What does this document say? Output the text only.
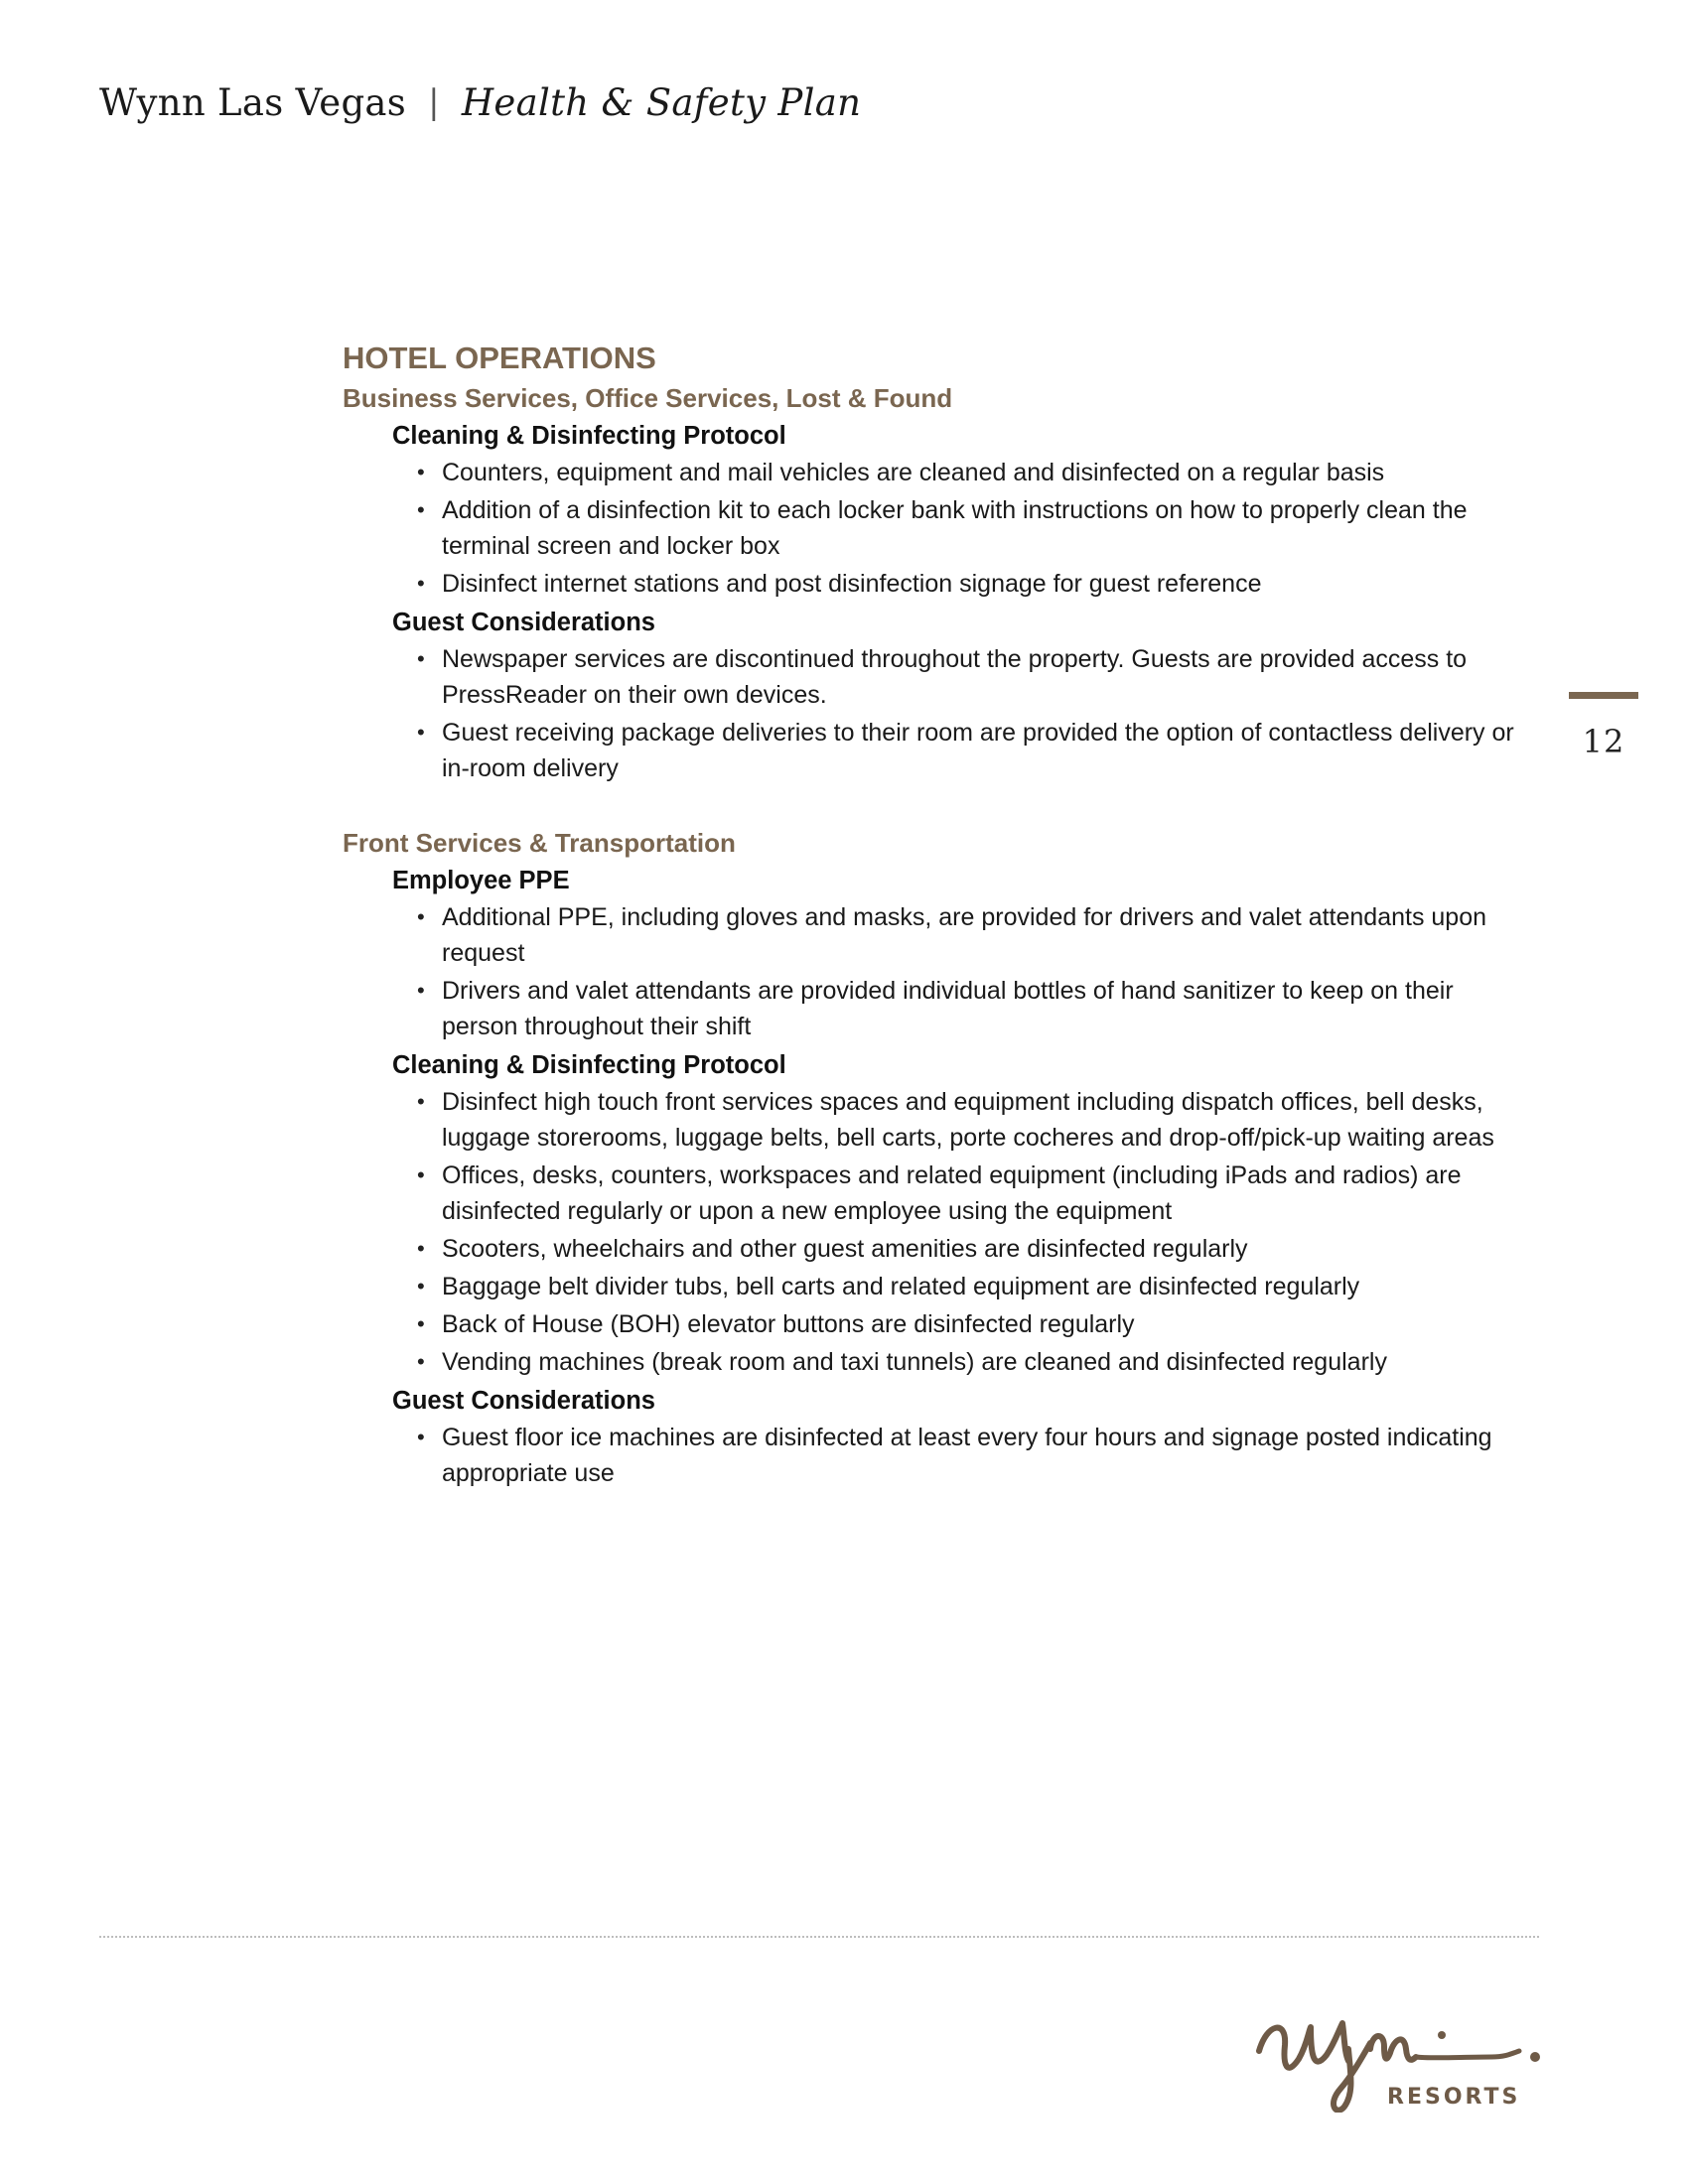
Wynn Las Vegas | Health & Safety Plan
12
HOTEL OPERATIONS
Business Services, Office Services, Lost & Found
Cleaning & Disinfecting Protocol
• Counters, equipment and mail vehicles are cleaned and disinfected on a regular basis
• Addition of a disinfection kit to each locker bank with instructions on how to properly clean the terminal screen and locker box
• Disinfect internet stations and post disinfection signage for guest reference
Guest Considerations
• Newspaper services are discontinued throughout the property. Guests are provided access to PressReader on their own devices.
• Guest receiving package deliveries to their room are provided the option of contactless delivery or in-room delivery
Front Services & Transportation
Employee PPE
• Additional PPE, including gloves and masks, are provided for drivers and valet attendants upon request
• Drivers and valet attendants are provided individual bottles of hand sanitizer to keep on their person throughout their shift
Cleaning & Disinfecting Protocol
• Disinfect high touch front services spaces and equipment including dispatch offices, bell desks, luggage storerooms, luggage belts, bell carts, porte cocheres and drop-off/pick-up waiting areas
• Offices, desks, counters, workspaces and related equipment (including iPads and radios) are disinfected regularly or upon a new employee using the equipment
• Scooters, wheelchairs and other guest amenities are disinfected regularly
• Baggage belt divider tubs, bell carts and related equipment are disinfected regularly
• Back of House (BOH) elevator buttons are disinfected regularly
• Vending machines (break room and taxi tunnels) are cleaned and disinfected regularly
Guest Considerations
• Guest floor ice machines are disinfected at least every four hours and signage posted indicating appropriate use
RESORTS
